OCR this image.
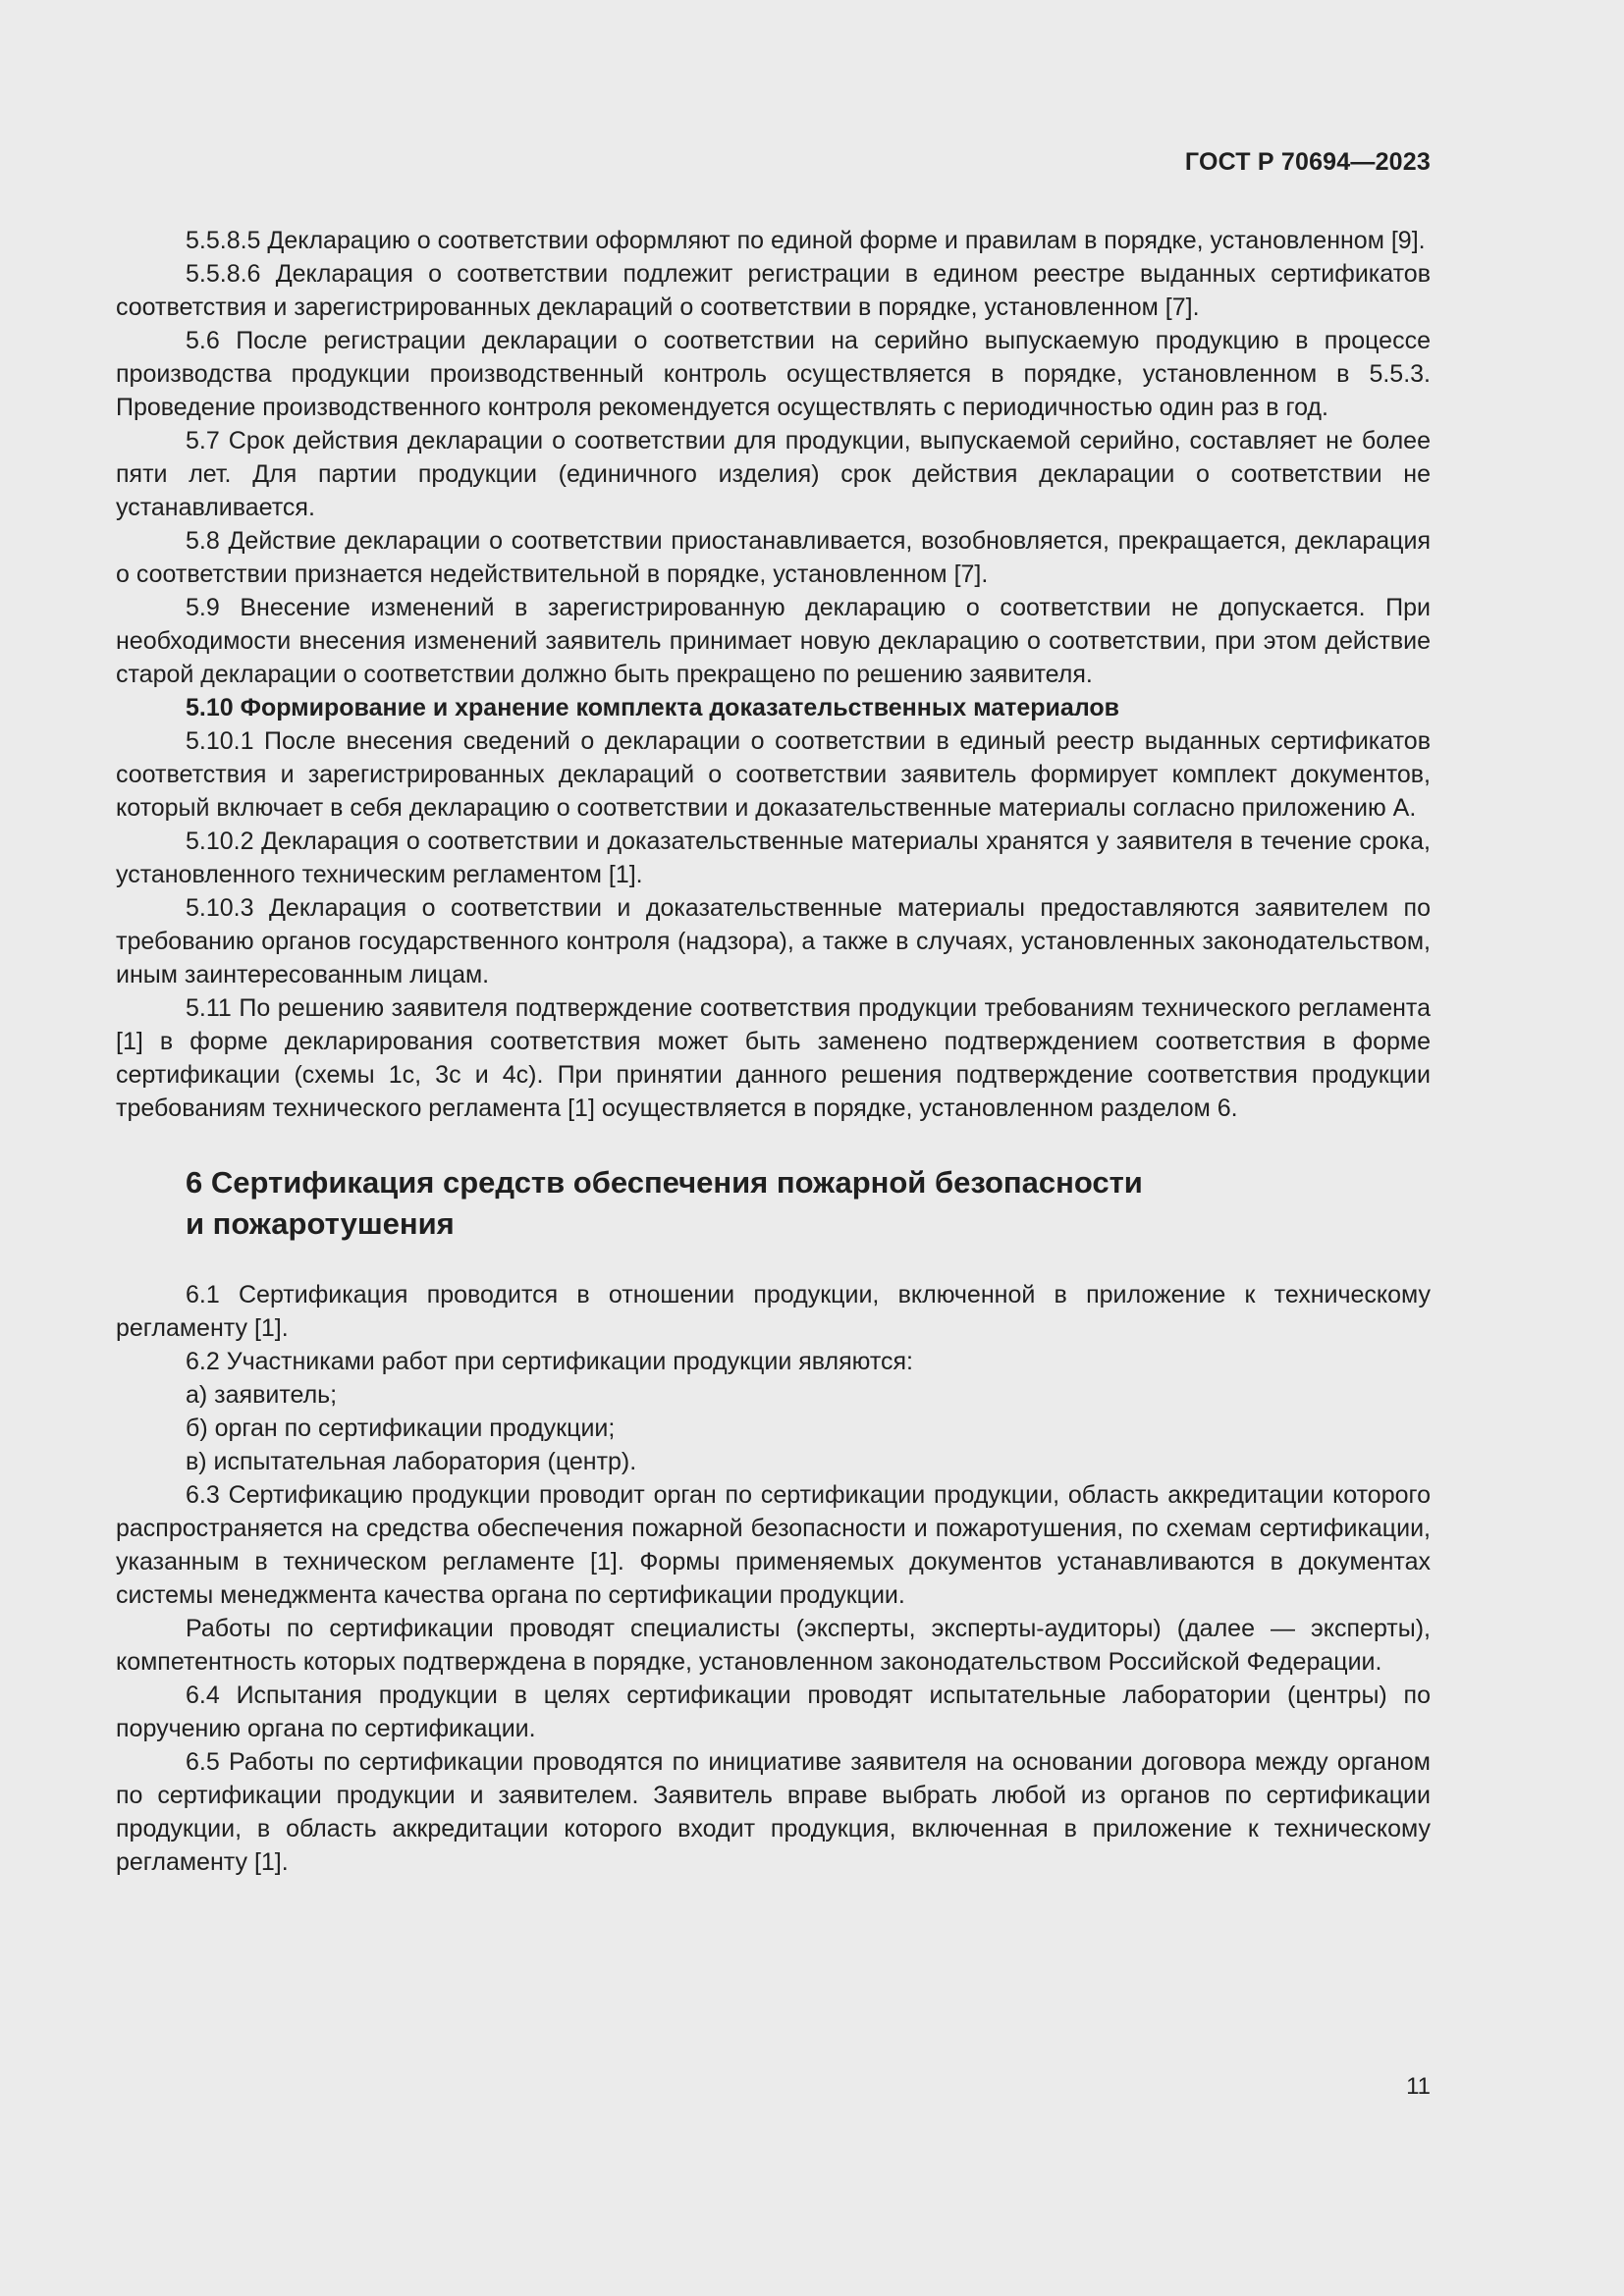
ГОСТ Р 70694—2023

5.5.8.5 Декларацию о соответствии оформляют по единой форме и правилам в порядке, установленном [9].

5.5.8.6 Декларация о соответствии подлежит регистрации в едином реестре выданных сертификатов соответствия и зарегистрированных деклараций о соответствии в порядке, установленном [7].

5.6 После регистрации декларации о соответствии на серийно выпускаемую продукцию в процессе производства продукции производственный контроль осуществляется в порядке, установленном в 5.5.3. Проведение производственного контроля рекомендуется осуществлять с периодичностью один раз в год.

5.7 Срок действия декларации о соответствии для продукции, выпускаемой серийно, составляет не более пяти лет. Для партии продукции (единичного изделия) срок действия декларации о соответствии не устанавливается.

5.8 Действие декларации о соответствии приостанавливается, возобновляется, прекращается, декларация о соответствии признается недействительной в порядке, установленном [7].

5.9 Внесение изменений в зарегистрированную декларацию о соответствии не допускается. При необходимости внесения изменений заявитель принимает новую декларацию о соответствии, при этом действие старой декларации о соответствии должно быть прекращено по решению заявителя.

5.10 Формирование и хранение комплекта доказательственных материалов

5.10.1 После внесения сведений о декларации о соответствии в единый реестр выданных сертификатов соответствия и зарегистрированных деклараций о соответствии заявитель формирует комплект документов, который включает в себя декларацию о соответствии и доказательственные материалы согласно приложению А.

5.10.2 Декларация о соответствии и доказательственные материалы хранятся у заявителя в течение срока, установленного техническим регламентом [1].

5.10.3 Декларация о соответствии и доказательственные материалы предоставляются заявителем по требованию органов государственного контроля (надзора), а также в случаях, установленных законодательством, иным заинтересованным лицам.

5.11 По решению заявителя подтверждение соответствия продукции требованиям технического регламента [1] в форме декларирования соответствия может быть заменено подтверждением соответствия в форме сертификации (схемы 1с, 3с и 4с). При принятии данного решения подтверждение соответствия продукции требованиям технического регламента [1] осуществляется в порядке, установленном разделом 6.

6 Сертификация средств обеспечения пожарной безопасности
и пожаротушения

6.1 Сертификация проводится в отношении продукции, включенной в приложение к техническому регламенту [1].

6.2 Участниками работ при сертификации продукции являются:

а) заявитель;

б) орган по сертификации продукции;

в) испытательная лаборатория (центр).

6.3 Сертификацию продукции проводит орган по сертификации продукции, область аккредитации которого распространяется на средства обеспечения пожарной безопасности и пожаротушения, по схемам сертификации, указанным в техническом регламенте [1]. Формы применяемых документов устанавливаются в документах системы менеджмента качества органа по сертификации продукции.

Работы по сертификации проводят специалисты (эксперты, эксперты-аудиторы) (далее — эксперты), компетентность которых подтверждена в порядке, установленном законодательством Российской Федерации.

6.4 Испытания продукции в целях сертификации проводят испытательные лаборатории (центры) по поручению органа по сертификации.

6.5 Работы по сертификации проводятся по инициативе заявителя на основании договора между органом по сертификации продукции и заявителем. Заявитель вправе выбрать любой из органов по сертификации продукции, в область аккредитации которого входит продукция, включенная в приложение к техническому регламенту [1].

11
